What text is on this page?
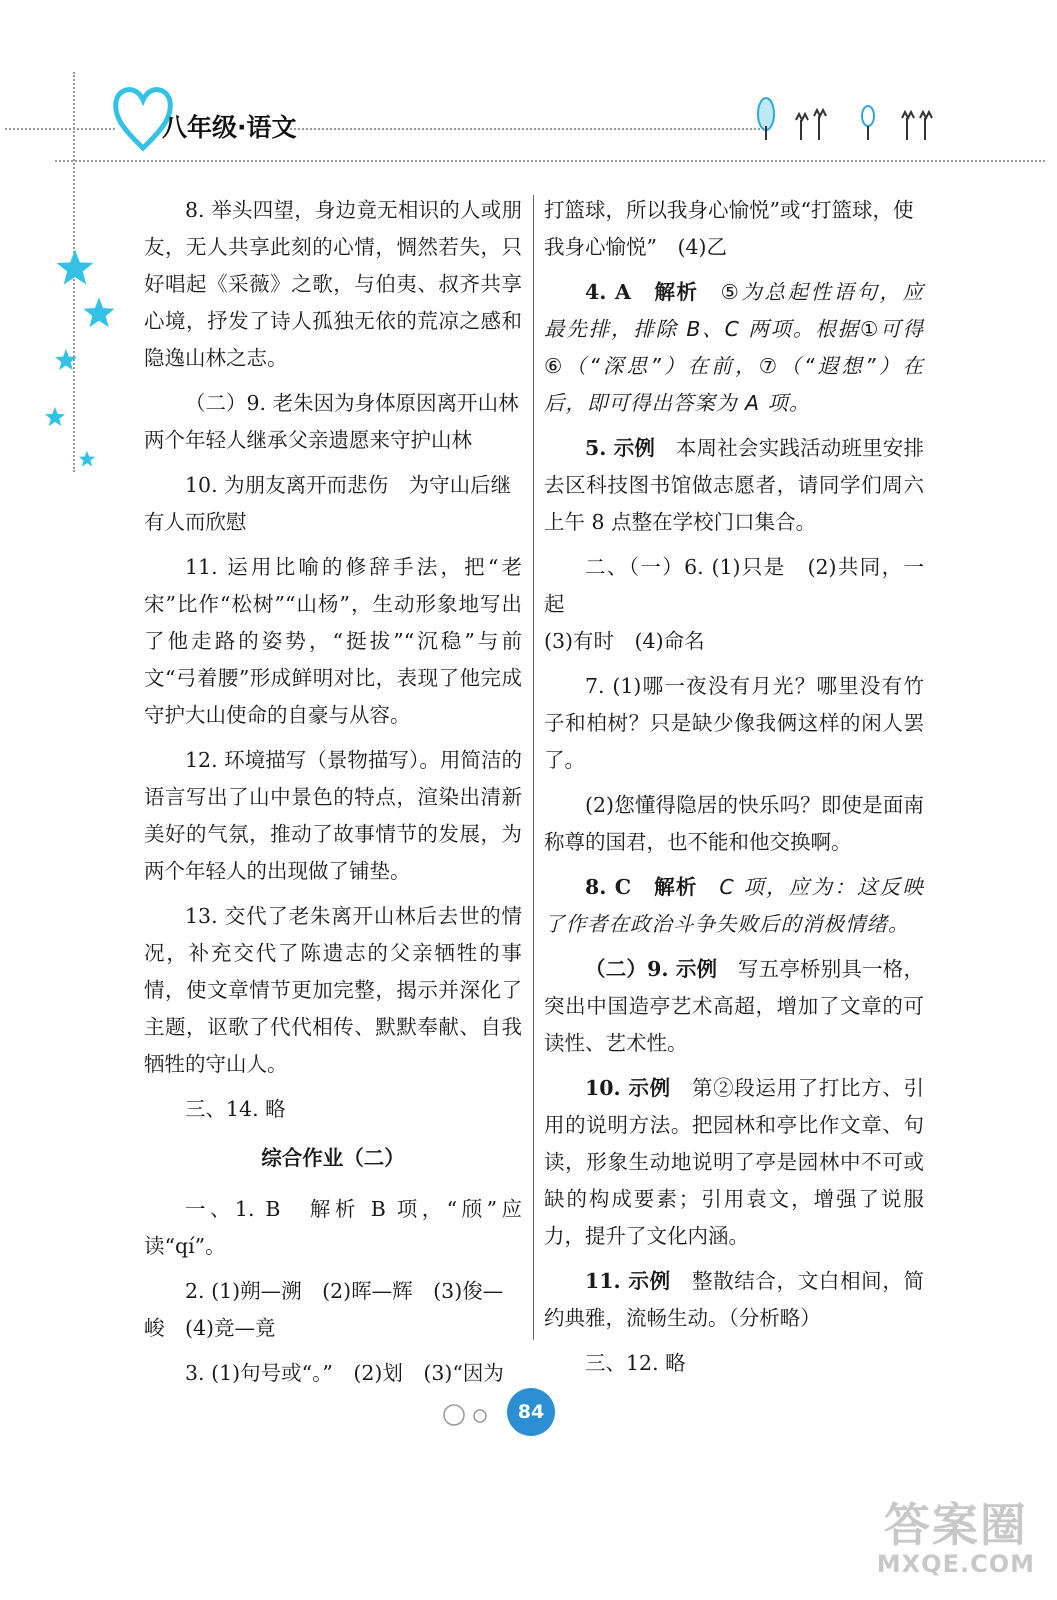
八年级·语文

8. 举头四望，身边竟无相识的人或朋友，无人共享此刻的心情，惆然若失，只好唱起《采薇》之歌，与伯夷、叔齐共享心境，抒发了诗人孤独无依的荒凉之感和隐逸山林之志。

（二）9. 老朱因为身体原因离开山林

两个年轻人继承父亲遗愿来守护山林

10. 为朋友离开而悲伤　为守山后继

有人而欣慰

11. 运用比喻的修辞手法，把“老宋”比作“松树”“山杨”，生动形象地写出了他走路的姿势，“挺拔”“沉稳”与前文“弓着腰”形成鲜明对比，表现了他完成守护大山使命的自豪与从容。

12. 环境描写（景物描写）。用简洁的语言写出了山中景色的特点，渲染出清新美好的气氛，推动了故事情节的发展，为两个年轻人的出现做了铺垫。

13. 交代了老朱离开山林后去世的情况，补充交代了陈遗志的父亲牺牲的事情，使文章情节更加完整，揭示并深化了主题，讴歌了代代相传、默默奉献、自我牺牲的守山人。

三、14. 略

综合作业（二）

一、1. B　解析 B 项，“颀”应读“qí”。

2. (1)朔—溯　(2)晖—辉　(3)俊—

峻　(4)竞—竟

3. (1)句号或“。”　(2)划　(3)“因为

打篮球，所以我身心愉悦”或“打篮球，使

我身心愉悦”　(4)乙

4. A　 解析　 ⑤为总起性语句，应最先排，排除 B、C 两项。根据①可得⑥（“深思”）在前，⑦（“遐想”）在后，即可得出答案为 A 项。

5. 示例　 本周社会实践活动班里安排去区科技图书馆做志愿者，请同学们周六上午 8 点整在学校门口集合。

二、（一）6. (1)只是　(2)共同，一起

(3)有时　(4)命名

7. (1)哪一夜没有月光？哪里没有竹子和柏树？只是缺少像我俩这样的闲人罢了。

(2)您懂得隐居的快乐吗？即使是面南称尊的国君，也不能和他交换啊。

8. C　 解析　 C 项，应为：这反映了作者在政治斗争失败后的消极情绪。

（二）9. 示例　 写五亭桥别具一格，突出中国造亭艺术高超，增加了文章的可读性、艺术性。

10. 示例　 第②段运用了打比方、引用的说明方法。把园林和亭比作文章、句读，形象生动地说明了亭是园林中不可或缺的构成要素；引用袁文，增强了说服力，提升了文化内涵。

11. 示例　 整散结合，文白相间，简约典雅，流畅生动。（分析略）

三、12. 略

84
答案圈
MXQE.COM
